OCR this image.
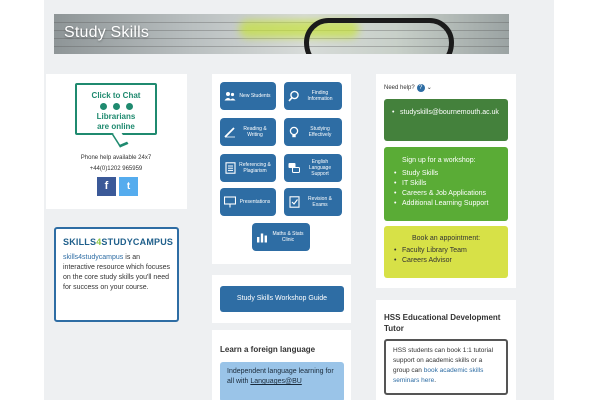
Study Skills
Click to Chat
Librarians
are online
Phone help available 24x7
+44(0)1202 965959
f	t
SKILLS4STUDYCAMPUS
skills4studycampus is an interactive resource which focuses on the core study skills you'll need for success on your course.
New Students	Finding Information
Reading & Writing
Studying Effectively
Referencing & Plagiarism
English Language Support
Presentations	Revision & Exams
Maths & Stats Clinic
Study Skills Workshop Guide
Learn a foreign language
Independent language learning for all with Languages@BU
Need help? ? ⌄
• studyskills@bournemouth.ac.uk
Sign up for a workshop:
• Study Skills
• IT Skills
• Careers & Job Applications
• Additional Learning Support
Book an appointment:
• Faculty Library Team
• Careers Advisor
HSS Educational Development Tutor
HSS students can book 1:1 tutorial support on academic skills or a group can book academic skills seminars here.
